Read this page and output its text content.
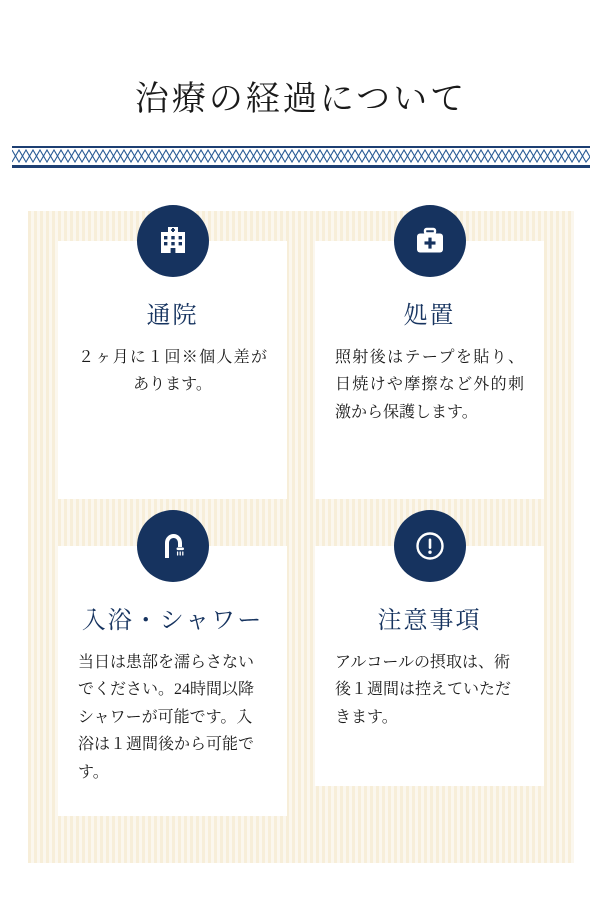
治療の経過について
通院
２ヶ月に１回※個人差があります。
処置
照射後はテープを貼り、日焼けや摩擦など外的刺激から保護します。
入浴・シャワー
当日は患部を濡らさないでください。24時間以降シャワーが可能です。入浴は１週間後から可能です。
注意事項
アルコールの摂取は、術後１週間は控えていただきます。
